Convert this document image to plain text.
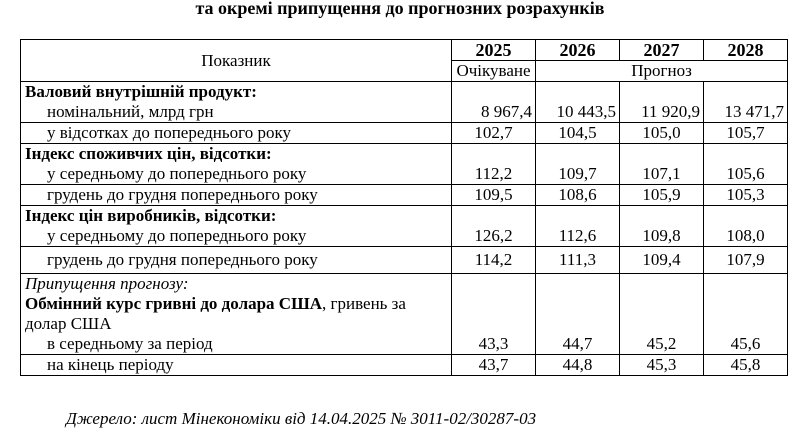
та окремі припущення до прогнозних розрахунків
Показник	2025	2026	2027	2028
	Очікуване	Прогноз		
Валовий внутрішній продукт:				
номінальний, млрд грн	8 967,4	10 443,5	11 920,9	13 471,7
у відсотках до попереднього року	102,7	104,5	105,0	105,7
Індекс споживчих цін, відсотки:				
у середньому до попереднього року	112,2	109,7	107,1	105,6
грудень до грудня попереднього року	109,5	108,6	105,9	105,3
Індекс цін виробників, відсотки:				
у середньому до попереднього року	126,2	112,6	109,8	108,0
грудень до грудня попереднього року	114,2	111,3	109,4	107,9
Припущення прогнозу:				
Обмінний курс гривні до долара США, гривень за долар США				
в середньому за період	43,3	44,7	45,2	45,6
на кінець періоду	43,7	44,8	45,3	45,8
Джерело: лист Мінекономіки від 14.04.2025 № 3011-02/30287-03
